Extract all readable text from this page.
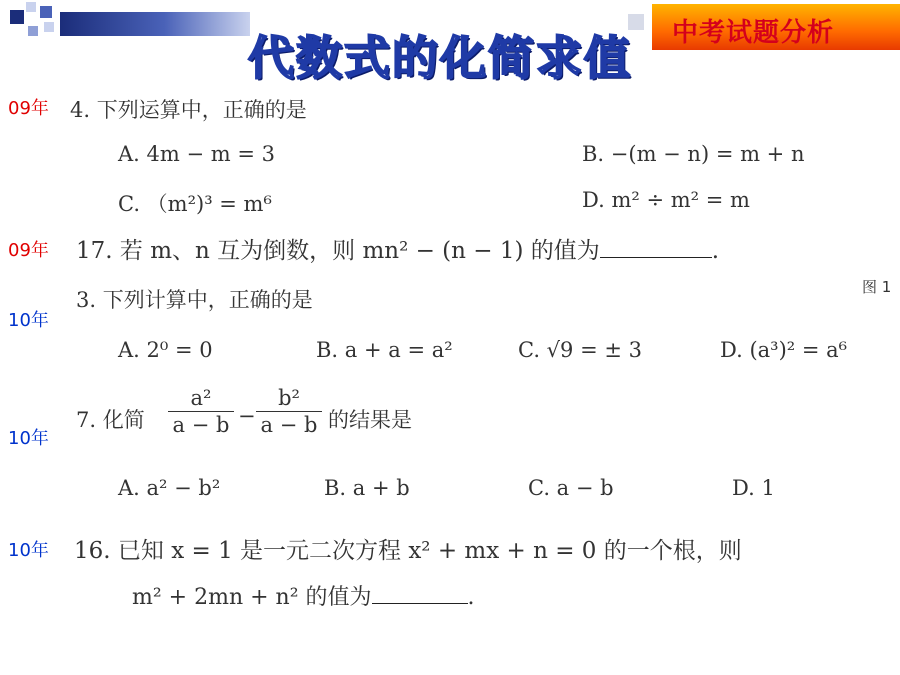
代数式的化简求值	中考试题分析
09年 4. 下列运算中，正确的是
A. 4m − m = 3	B. −(m − n) = m + n
C. （m²)³ = m⁶	D. m² ÷ m² = m
09年 17. 若 m、n 互为倒数，则 mn² − (n − 1) 的值为	.
10年
3. 下列计算中，正确的是
图 1
A. 2⁰ = 0	B. a + a = a²	C. √9 = ± 3	D. (a³)² = a⁶
10年
7. 化简
a²
a − b −
b²
a − b 的结果是
A. a² − b²	B. a + b	C. a − b	D. 1
10年 16. 已知 x = 1 是一元二次方程 x² + mx + n = 0 的一个根，则
m² + 2mn + n² 的值为	.
